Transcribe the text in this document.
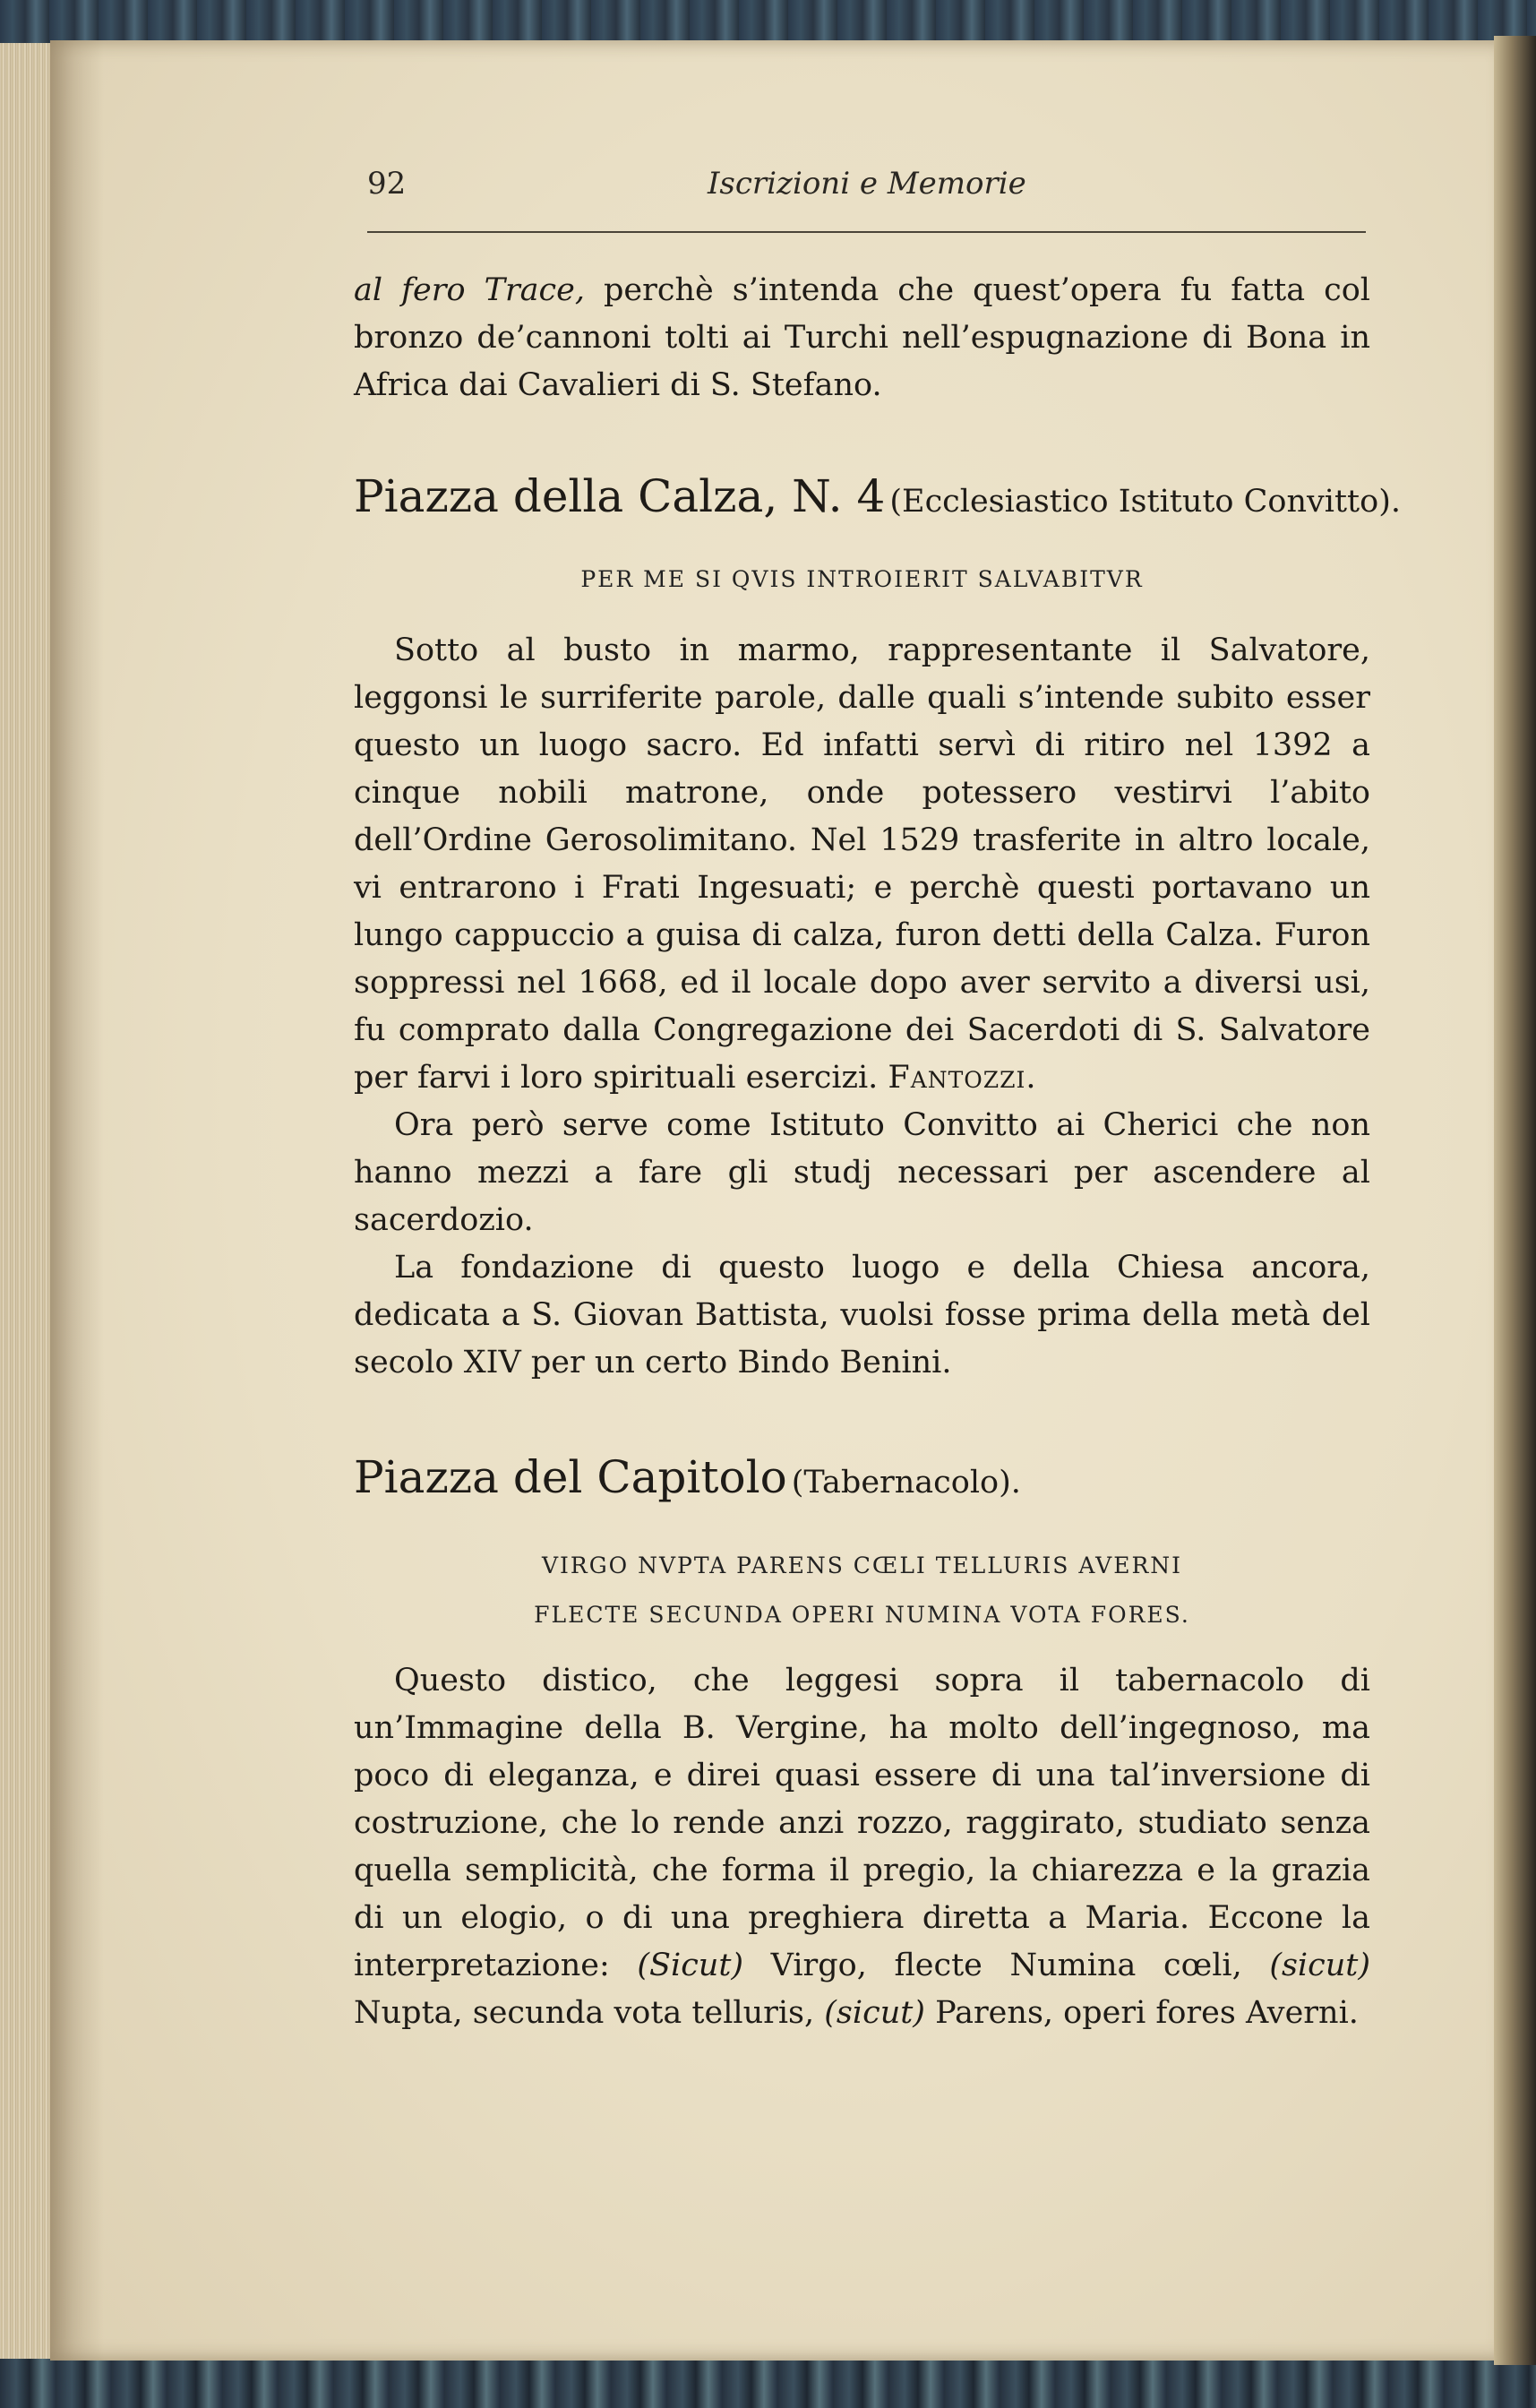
92	Iscrizioni e Memorie

al fero Trace, perchè s’intenda che quest’opera fu fatta col bronzo de’cannoni tolti ai Turchi nell’espugnazione di Bona in Africa dai Cavalieri di S. Stefano.

Piazza della Calza, N. 4 (Ecclesiastico Istituto Convitto).
PER ME SI QVIS INTROIERIT SALVABITVR

Sotto al busto in marmo, rappresentante il Salvatore, leggonsi le surriferite parole, dalle quali s’intende subito esser questo un luogo sacro. Ed infatti servì di ritiro nel 1392 a cinque nobili matrone, onde potessero vestirvi l’abito dell’Ordine Gerosolimitano. Nel 1529 trasferite in altro locale, vi entrarono i Frati Ingesuati; e perchè questi portavano un lungo cappuccio a guisa di calza, furon detti della Calza. Furon soppressi nel 1668, ed il locale dopo aver servito a diversi usi, fu comprato dalla Congregazione dei Sacerdoti di S. Salvatore per farvi i loro spirituali esercizi. Fantozzi.

Ora però serve come Istituto Convitto ai Cherici che non hanno mezzi a fare gli studj necessari per ascendere al sacerdozio.

La fondazione di questo luogo e della Chiesa ancora, dedicata a S. Giovan Battista, vuolsi fosse prima della metà del secolo XIV per un certo Bindo Benini.

Piazza del Capitolo (Tabernacolo).
VIRGO NVPTA PARENS CŒLI TELLURIS AVERNI
FLECTE SECUNDA OPERI NUMINA VOTA FORES.

Questo distico, che leggesi sopra il tabernacolo di un’Immagine della B. Vergine, ha molto dell’ingegnoso, ma poco di eleganza, e direi quasi essere di una tal’inversione di costruzione, che lo rende anzi rozzo, raggirato, studiato senza quella semplicità, che forma il pregio, la chiarezza e la grazia di un elogio, o di una preghiera diretta a Maria. Eccone la interpretazione: (Sicut) Virgo, flecte Numina cœli, (sicut) Nupta, secunda vota telluris, (sicut) Parens, operi fores Averni.
